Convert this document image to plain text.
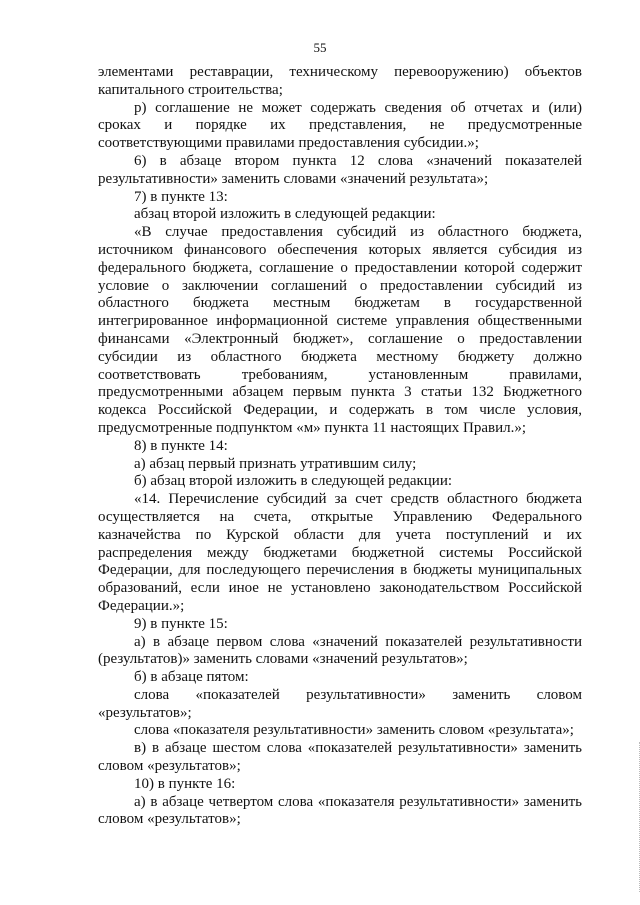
55

элементами реставрации, техническому перевооружению) объектов капитального строительства;

р) соглашение не может содержать сведения об отчетах и (или) сроках и порядке их представления, не предусмотренные соответствующими правилами предоставления субсидии.»;

6) в абзаце втором пункта 12 слова «значений показателей результативности» заменить словами «значений результата»;

7) в пункте 13:

абзац второй изложить в следующей редакции:

«В случае предоставления субсидий из областного бюджета, источником финансового обеспечения которых является субсидия из федерального бюджета, соглашение о предоставлении которой содержит условие о заключении соглашений о предоставлении субсидий из областного бюджета местным бюджетам в государственной интегрированное информационной системе управления общественными финансами «Электронный бюджет», соглашение о предоставлении субсидии из областного бюджета местному бюджету должно соответствовать требованиям, установленным правилами, предусмотренными абзацем первым пункта 3 статьи 132 Бюджетного кодекса Российской Федерации, и содержать в том числе условия, предусмотренные подпунктом «м» пункта 11 настоящих Правил.»;

8) в пункте 14:

а) абзац первый признать утратившим силу;

б) абзац второй изложить в следующей редакции:

«14. Перечисление субсидий за счет средств областного бюджета осуществляется на счета, открытые Управлению Федерального казначейства по Курской области для учета поступлений и их распределения между бюджетами бюджетной системы Российской Федерации, для последующего перечисления в бюджеты муниципальных образований, если иное не установлено законодательством Российской Федерации.»;

9) в пункте 15:

а) в абзаце первом слова «значений показателей результативности (результатов)» заменить словами «значений результатов»;

б) в абзаце пятом:

слова «показателей результативности» заменить словом «результатов»;

слова «показателя результативности» заменить словом «результата»;

в) в абзаце шестом слова «показателей результативности» заменить словом «результатов»;

10) в пункте 16:

а) в абзаце четвертом слова «показателя результативности» заменить словом «результатов»;
